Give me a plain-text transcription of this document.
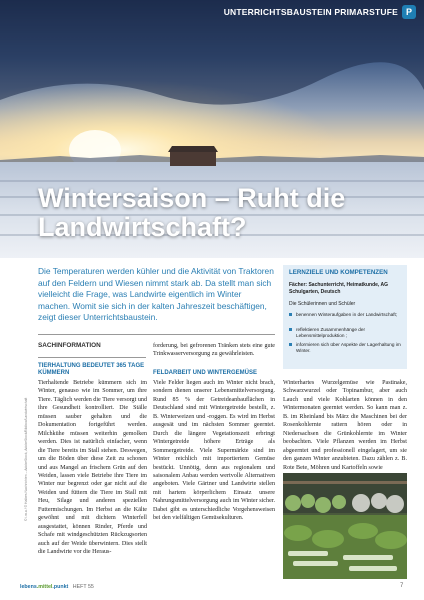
UNTERRICHTSBAUSTEIN PRIMARSTUFE P
Wintersaison – Ruht die Landwirtschaft?
Die Temperaturen werden kühler und die Aktivität von Traktoren auf den Feldern und Wiesen nimmt stark ab. Da stellt man sich vielleicht die Frage, was Landwirte eigentlich im Winter machen. Womit sie sich in der kalten Jahreszeit beschäftigen, zeigt dieser Unterrichtsbaustein.
LERNZIELE UND KOMPETENZEN
Fächer: Sachunterricht, Heimatkunde, AG Schulgarten, Deutsch
Die Schülerinnen und Schüler
benennen Winteraufgaben in der Landwirtschaft;
reflektieren Zusammenhänge der Lebensmittelproduktion ;
informieren sich über Aspekte der Lagerhaltung im Winter.
SACHINFORMATION
TIERHALTUNG BEDEUTET 365 TAGE KÜMMERN
Tierhaltende Betriebe kümmern sich im Winter, genauso wie im Sommer, um ihre Tiere. Täglich werden die Tiere versorgt und ihre Gesundheit kontrolliert. Die Ställe müssen sauber gehalten und die Dokumentation fortgeführt werden. Milchkühe müssen weiterhin gemolken werden. Dies ist natürlich einfacher, wenn die Tiere bereits im Stall stehen. Deswegen, um die Böden über diese Zeit zu schonen und aus Mangel an frischem Grün auf den Weiden, lassen viele Betriebe ihre Tiere im Winter nur begrenzt oder gar nicht auf die Weiden und füttern die Tiere im Stall mit Heu, Silage und anderen speziellen Futtermischungen. Im Herbst an die Kälte gewöhnt und mit dichtem Winterfell ausgestattet, können Rinder, Pferde und Schafe mit windgeschützten Rückzugsorten auch auf der Weide überwintern. Dies stellt die Landwirte vor die Heraus-
forderung, bei gefrorenen Tränken stets eine gute Trinkwasserversorgung zu gewährleisten.
FELDARBEIT UND WINTERGEMÜSE
Viele Felder liegen auch im Winter nicht brach, sondern dienen unserer Lebensmittelversorgung. Rund 85 % der Getreideanbauflächen in Deutschland sind mit Wintergetreide bestellt, z. B. Winterweizen und -roggen. Es wird im Herbst ausgesät und im nächsten Sommer geerntet. Durch die längere Vegetationszeit erbringt Wintergetreide höhere Erträge als Sommergetreide. Viele Supermärkte sind im Winter reichlich mit importiertem Gemüse bestückt. Unnötig, denn aus regionalem und saisonalem Anbau werden wertvolle Alternativen angeboten. Viele Gärtner und Landwirte stellen mit hartem körperlichem Einsatz unsere Nahrungsmittelversorgung auch im Winter sicher. Dabei gibt es unterschiedliche Vorgehensweisen bei den vielfältigen Gemüsekulturen.
Winterhartes Wurzelgemüse wie Pastinake, Schwarzwurzel oder Topinambur, aber auch Lauch und viele Kohlarten können in den Wintermonaten geerntet werden. So kann man z. B. im Rheinland bis März die Maschinen bei der Rosenkohlernte rattern hören oder in Niedersachsen die Grünkohlernte im Winter beobachten. Viele Pflanzen werden im Herbst abgeerntet und professionell eingelagert, um sie den ganzen Winter anzubieten. Dazu zählen z. B. Rote Bete, Möhren und Kartoffeln sowie
© i.m.a / © Halbes Nachrichten – AdobeStock, AdobeStock/Bildbox/Landwirtschaft
lebens.mittel.punkt HEFT 55	7
